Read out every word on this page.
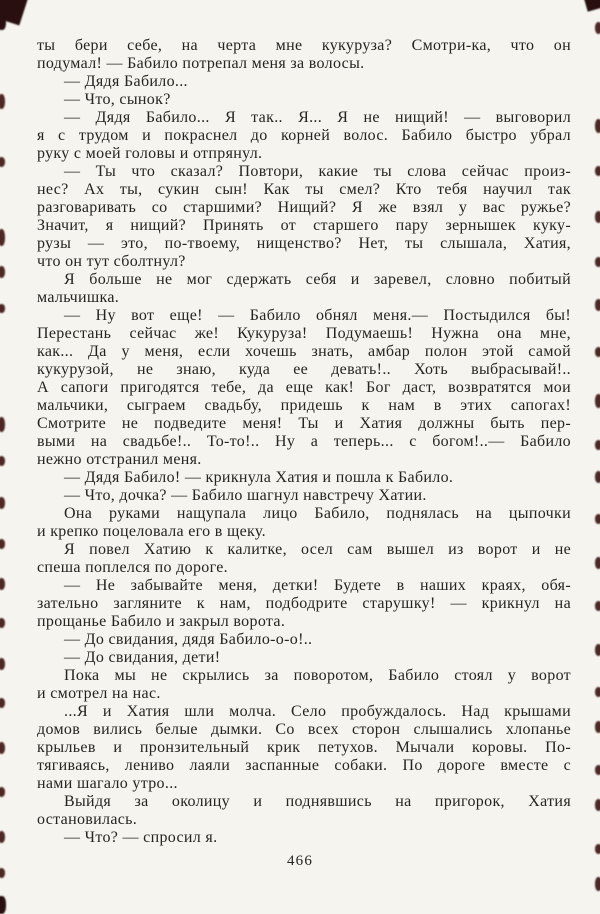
ты бери себе, на черта мне кукуруза? Смотри-ка, что он
подумал! — Бабило потрепал меня за волосы.
— Дядя Бабило...
— Что, сынок?
— Дядя Бабило... Я так.. Я... Я не нищий! — выговорил
я с трудом и покраснел до корней волос. Бабило быстро убрал
руку с моей головы и отпрянул.
— Ты что сказал? Повтори, какие ты слова сейчас произ-
нес? Ах ты, сукин сын! Как ты смел? Кто тебя научил так
разговаривать со старшими? Нищий? Я же взял у вас ружье?
Значит, я нищий? Принять от старшего пару зернышек куку-
рузы — это, по-твоему, нищенство? Нет, ты слышала, Хатия,
что он тут сболтнул?
Я больше не мог сдержать себя и заревел, словно побитый
мальчишка.
— Ну вот еще! — Бабило обнял меня.— Постыдился бы!
Перестань сейчас же! Кукуруза! Подумаешь! Нужна она мне,
как... Да у меня, если хочешь знать, амбар полон этой самой
кукурузой, не знаю, куда ее девать!.. Хоть выбрасывай!..
А сапоги пригодятся тебе, да еще как! Бог даст, возвратятся мои
мальчики, сыграем свадьбу, придешь к нам в этих сапогах!
Смотрите не подведите меня! Ты и Хатия должны быть пер-
выми на свадьбе!.. То-то!.. Ну а теперь... с богом!..— Бабило
нежно отстранил меня.
— Дядя Бабило! — крикнула Хатия и пошла к Бабило.
— Что, дочка? — Бабило шагнул навстречу Хатии.
Она руками нащупала лицо Бабило, поднялась на цыпочки
и крепко поцеловала его в щеку.
Я повел Хатию к калитке, осел сам вышел из ворот и не
спеша поплелся по дороге.
— Не забывайте меня, детки! Будете в наших краях, обя-
зательно загляните к нам, подбодрите старушку! — крикнул на
прощанье Бабило и закрыл ворота.
— До свидания, дядя Бабило-о-о!..
— До свидания, дети!
Пока мы не скрылись за поворотом, Бабило стоял у ворот
и смотрел на нас.
...Я и Хатия шли молча. Село пробуждалось. Над крышами
домов вились белые дымки. Со всех сторон слышались хлопанье
крыльев и пронзительный крик петухов. Мычали коровы. По-
тягиваясь, лениво лаяли заспанные собаки. По дороге вместе с
нами шагало утро...
Выйдя за околицу и поднявшись на пригорок, Хатия
остановилась.
— Что? — спросил я.
466
